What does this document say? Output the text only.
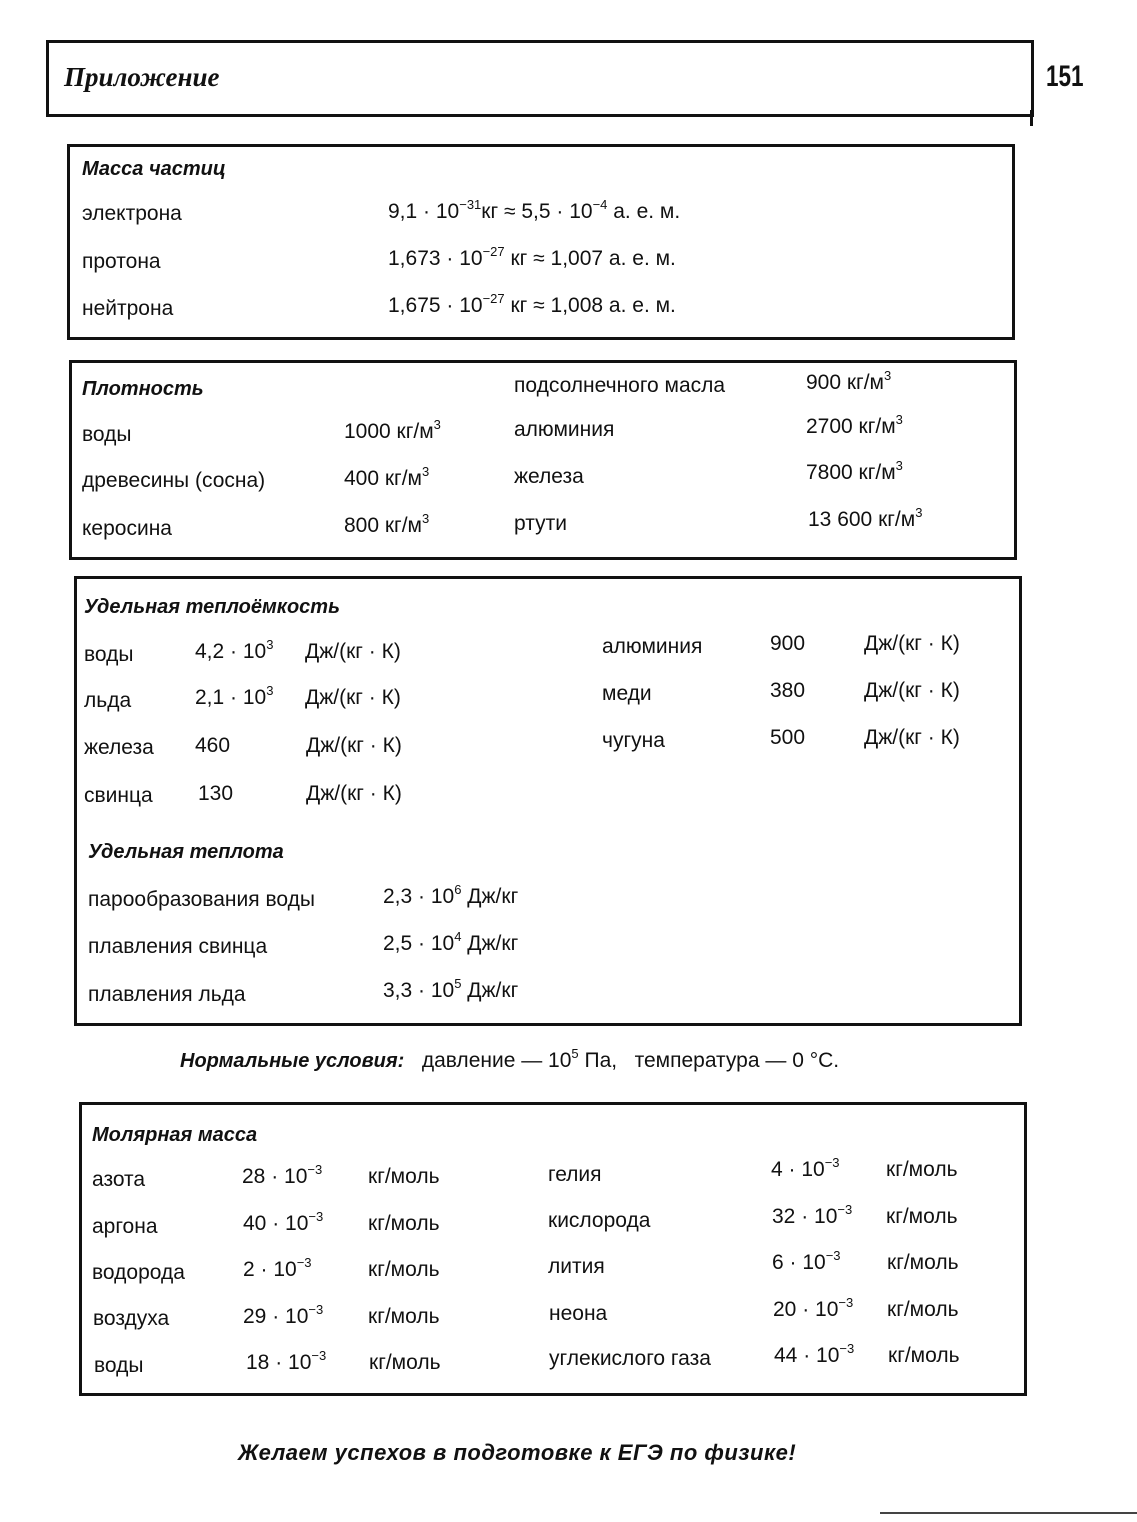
Приложение	151
Масса частиц
электрона	$9,1 \cdot 10^{-31}кг \approx 5,5 \cdot 10^{-4}$ а. е. м.
протона	$1,673 \cdot 10^{-27}$ кг ≈ 1,007 а. е. м.
нейтрона	$1,675 \cdot 10^{-27}$ кг ≈ 1,008 а. е. м.
Плотность
воды	1000 $кг/м^3$
древесины (сосна)	400 $кг/м^3$
керосина	800 $кг/м^3$
подсолнечного масла	900 $кг/м^3$
алюминия	2700 $кг/м^3$
железа	7800 $кг/м^3$
ртути	13 600 $кг/м^3$
Удельная теплоёмкость
воды	$4,2 \cdot 10^3$ Дж/(кг · К)
льда	$2,1 \cdot 10^3$ Дж/(кг · К)
железа 460	Дж/(кг · К)
свинца 130	Дж/(кг · К)
алюминия	900	Дж/(кг · К)
меди	380	Дж/(кг · К)
чугуна	500	Дж/(кг · К)
Удельная теплота
парообразования воды	$2,3 \cdot 10^6$ Дж/кг
плавления свинца	$2,5 \cdot 10^4$ Дж/кг
плавления льда	$3,3 \cdot 10^5$ Дж/кг
Нормальные условия: давление — $10^5$ Па, температура — 0 °С.
Молярная масса
азота	$28 \cdot 10^{-3}$ кг/моль
аргона	$40 \cdot 10^{-3}$ кг/моль
водорода	$2 \cdot 10^{-3}$	кг/моль
воздуха	$29 \cdot 10^{-3}$ кг/моль
воды	$18 \cdot 10^{-3}$ кг/моль
гелия	$4 \cdot 10^{-3}$ кг/моль
кислорода	$32 \cdot 10^{-3}$ кг/моль
лития	$6 \cdot 10^{-3}$ кг/моль
неона	$20 \cdot 10^{-3}$ кг/моль
углекислого газа	$44 \cdot 10^{-3}$ кг/моль
Желаем успехов в подготовке к ЕГЭ по физике!
